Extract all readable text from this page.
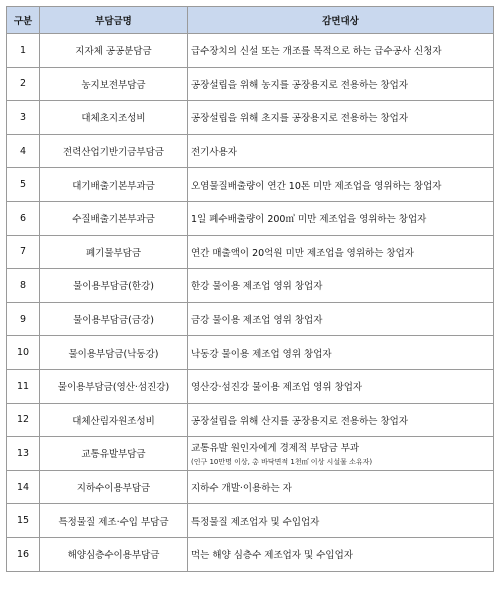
구분	부담금명	감면대상
1	지자체 공공분담금	급수장치의 신설 또는 개조를 목적으로 하는 급수공사 신청자
2	농지보전부담금	공장설립을 위해 농지를 공장용지로 전용하는 창업자
3	대체초지조성비	공장설립을 위해 초지를 공장용지로 전용하는 창업자
4	전력산업기반기금부담금	전기사용자
5	대기배출기본부과금	오염물질배출량이 연간 10톤 미만 제조업을 영위하는 창업자
6	수질배출기본부과금	1일 폐수배출량이 200㎥ 미만 제조업을 영위하는 창업자
7	폐기물부담금	연간 매출액이 20억원 미만 제조업을 영위하는 창업자
8	물이용부담금(한강)	한강 물이용 제조업 영위 창업자
9	물이용부담금(금강)	금강 물이용 제조업 영위 창업자
10	물이용부담금(낙동강)	낙동강 물이용 제조업 영위 창업자
11	물이용부담금(영산·섬진강)	영산강·섬진강 물이용 제조업 영위 창업자
12	대체산림자원조성비	공장설립을 위해 산지를 공장용지로 전용하는 창업자
13	교통유발부담금	교통유발 원인자에게 경제적 부담금 부과
(인구 10만명 이상, 총 바닥면적 1천㎡ 이상 시설물 소유자)

14	지하수이용부담금	지하수 개발·이용하는 자
15	특정물질 제조·수입 부담금	특정물질 제조업자 및 수입업자
16	해양심층수이용부담금	먹는 해양 심층수 제조업자 및 수입업자
